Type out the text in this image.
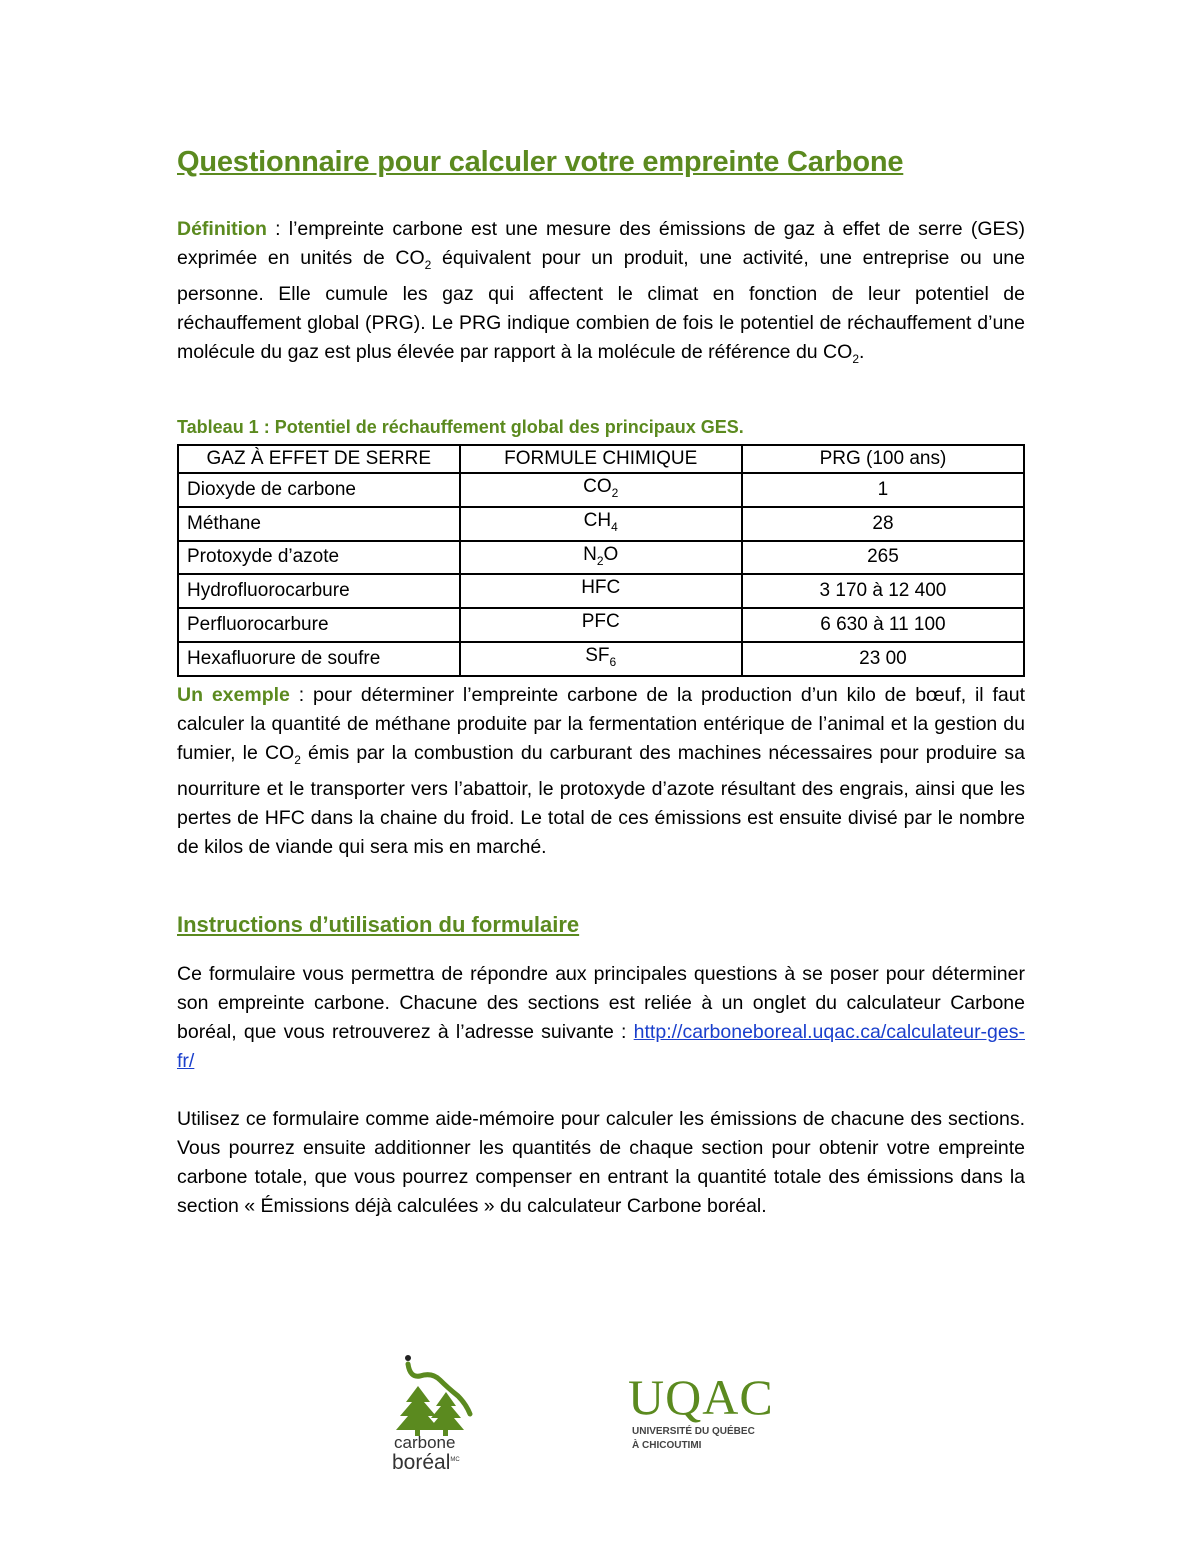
Questionnaire pour calculer votre empreinte Carbone
Définition : l’empreinte carbone est une mesure des émissions de gaz à effet de serre (GES) exprimée en unités de $CO_2$ équivalent pour un produit, une activité, une entreprise ou une personne. Elle cumule les gaz qui affectent le climat en fonction de leur potentiel de réchauffement global (PRG). Le PRG indique combien de fois le potentiel de réchauffement d’une molécule du gaz est plus élevée par rapport à la molécule de référence du $CO_2$.
Tableau 1 : Potentiel de réchauffement global des principaux GES.
GAZ À EFFET DE SERRE	FORMULE CHIMIQUE	PRG (100 ans)
Dioxyde de carbone	$CO_2$	1
Méthane	$CH_4$	28
Protoxyde d’azote	$N_2O$	265
Hydrofluorocarbure	HFC	3 170 à 12 400
Perfluorocarbure	PFC	6 630 à 11 100
Hexafluorure de soufre	$SF_6$	23 00
Un exemple : pour déterminer l’empreinte carbone de la production d’un kilo de bœuf, il faut calculer la quantité de méthane produite par la fermentation entérique de l’animal et la gestion du fumier, le $CO_2$ émis par la combustion du carburant des machines nécessaires pour produire sa nourriture et le transporter vers l’abattoir, le protoxyde d’azote résultant des engrais, ainsi que les pertes de HFC dans la chaine du froid. Le total de ces émissions est ensuite divisé par le nombre de kilos de viande qui sera mis en marché.
Instructions d’utilisation du formulaire
Ce formulaire vous permettra de répondre aux principales questions à se poser pour déterminer son empreinte carbone. Chacune des sections est reliée à un onglet du calculateur Carbone boréal, que vous retrouverez à l’adresse suivante : http://carboneboreal.uqac.ca/calculateur-ges-fr/
Utilisez ce formulaire comme aide-mémoire pour calculer les émissions de chacune des sections. Vous pourrez ensuite additionner les quantités de chaque section pour obtenir votre empreinte carbone totale, que vous pourrez compenser en entrant la quantité totale des émissions dans la section « Émissions déjà calculées » du calculateur Carbone boréal.
carbone
boréal$^{MC}$
UQAC
UNIVERSITÉ DU QUÉBEC
À CHICOUTIMI
